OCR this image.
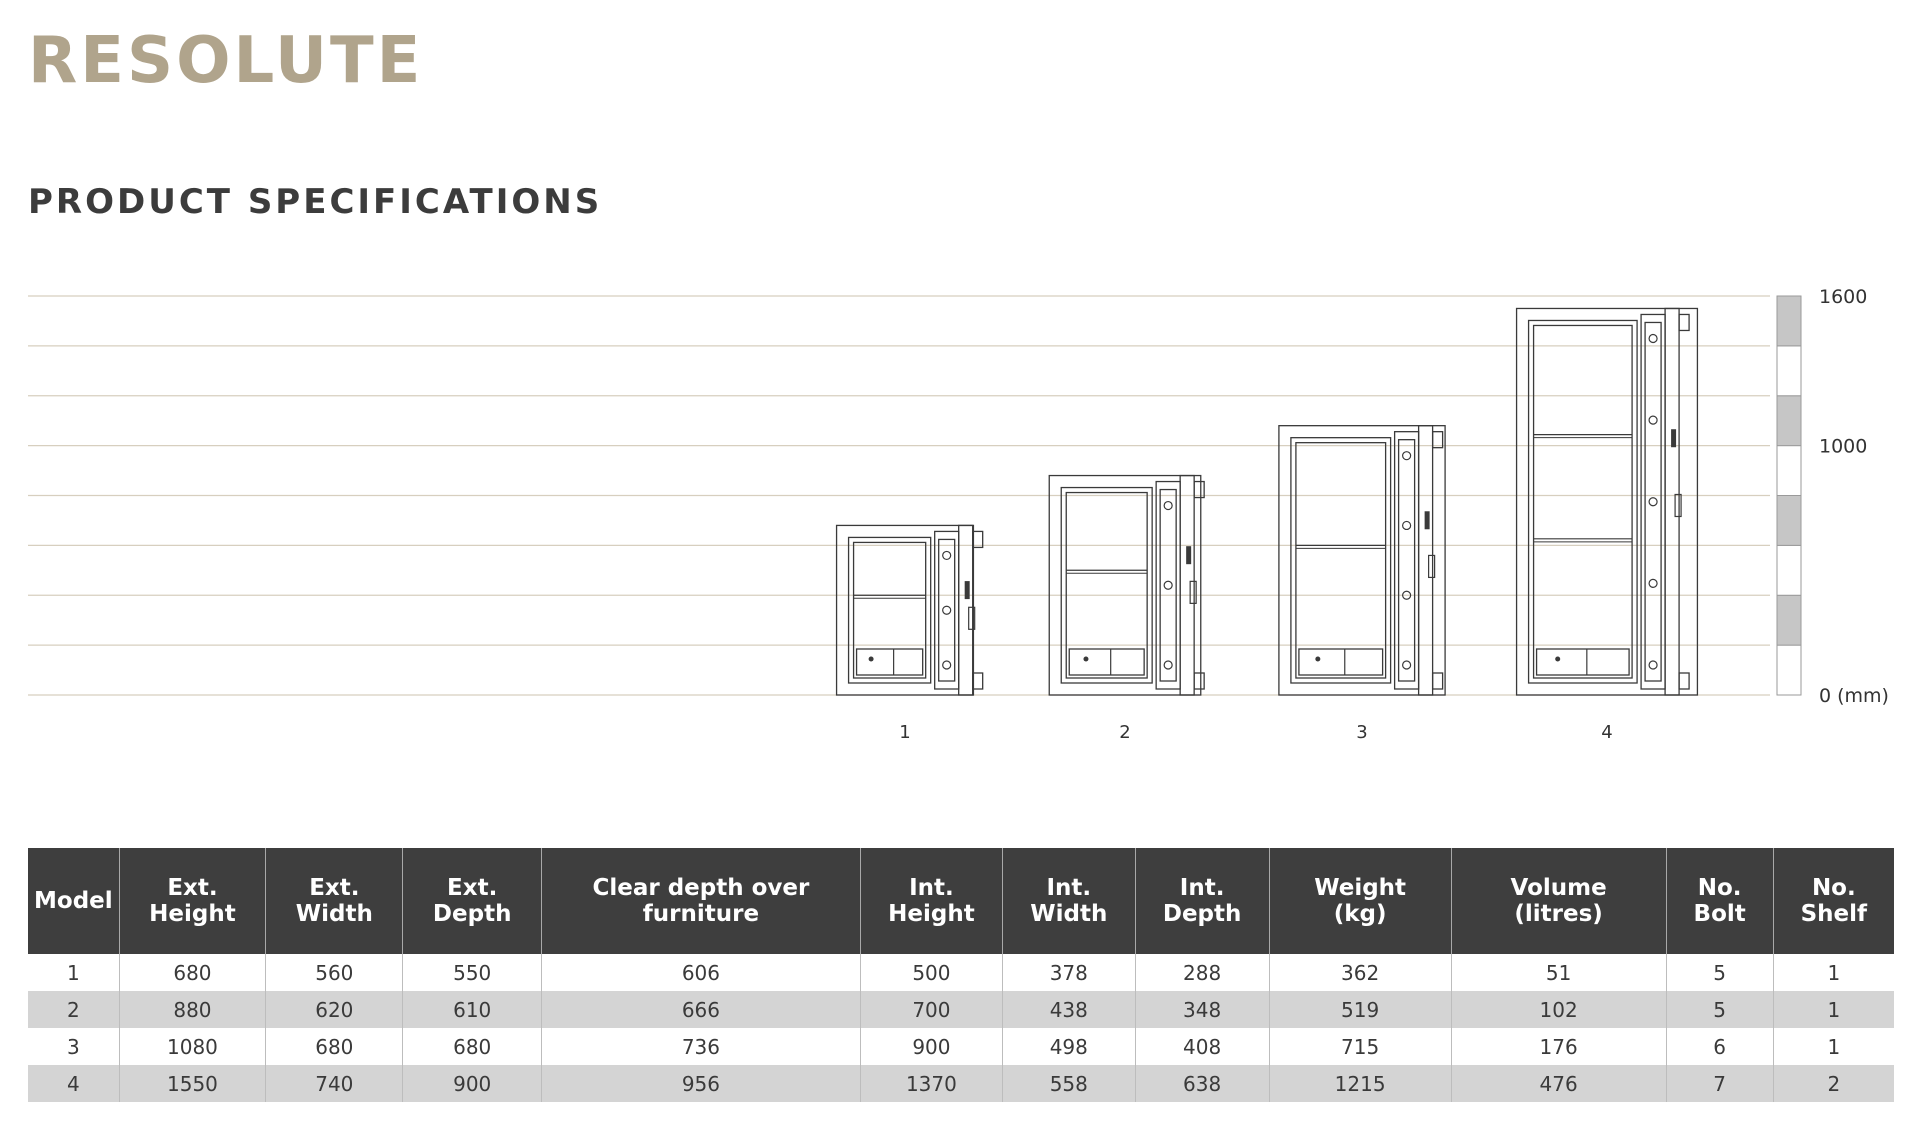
RESOLUTE
PRODUCT SPECIFICATIONS
1600
1000
0 (mm)
1	2	3	4
Model	Ext. Height	Ext. Width	Ext. Depth	Clear depth over furniture	Int. Height	Int. Width	Int. Depth	Weight (kg)	Volume (litres)	No. Bolt	No. Shelf
1	680	560	550	606	500	378	288	362	51	5	1
2	880	620	610	666	700	438	348	519	102	5	1
3	1080	680	680	736	900	498	408	715	176	6	1
4	1550	740	900	956	1370	558	638	1215	476	7	2
